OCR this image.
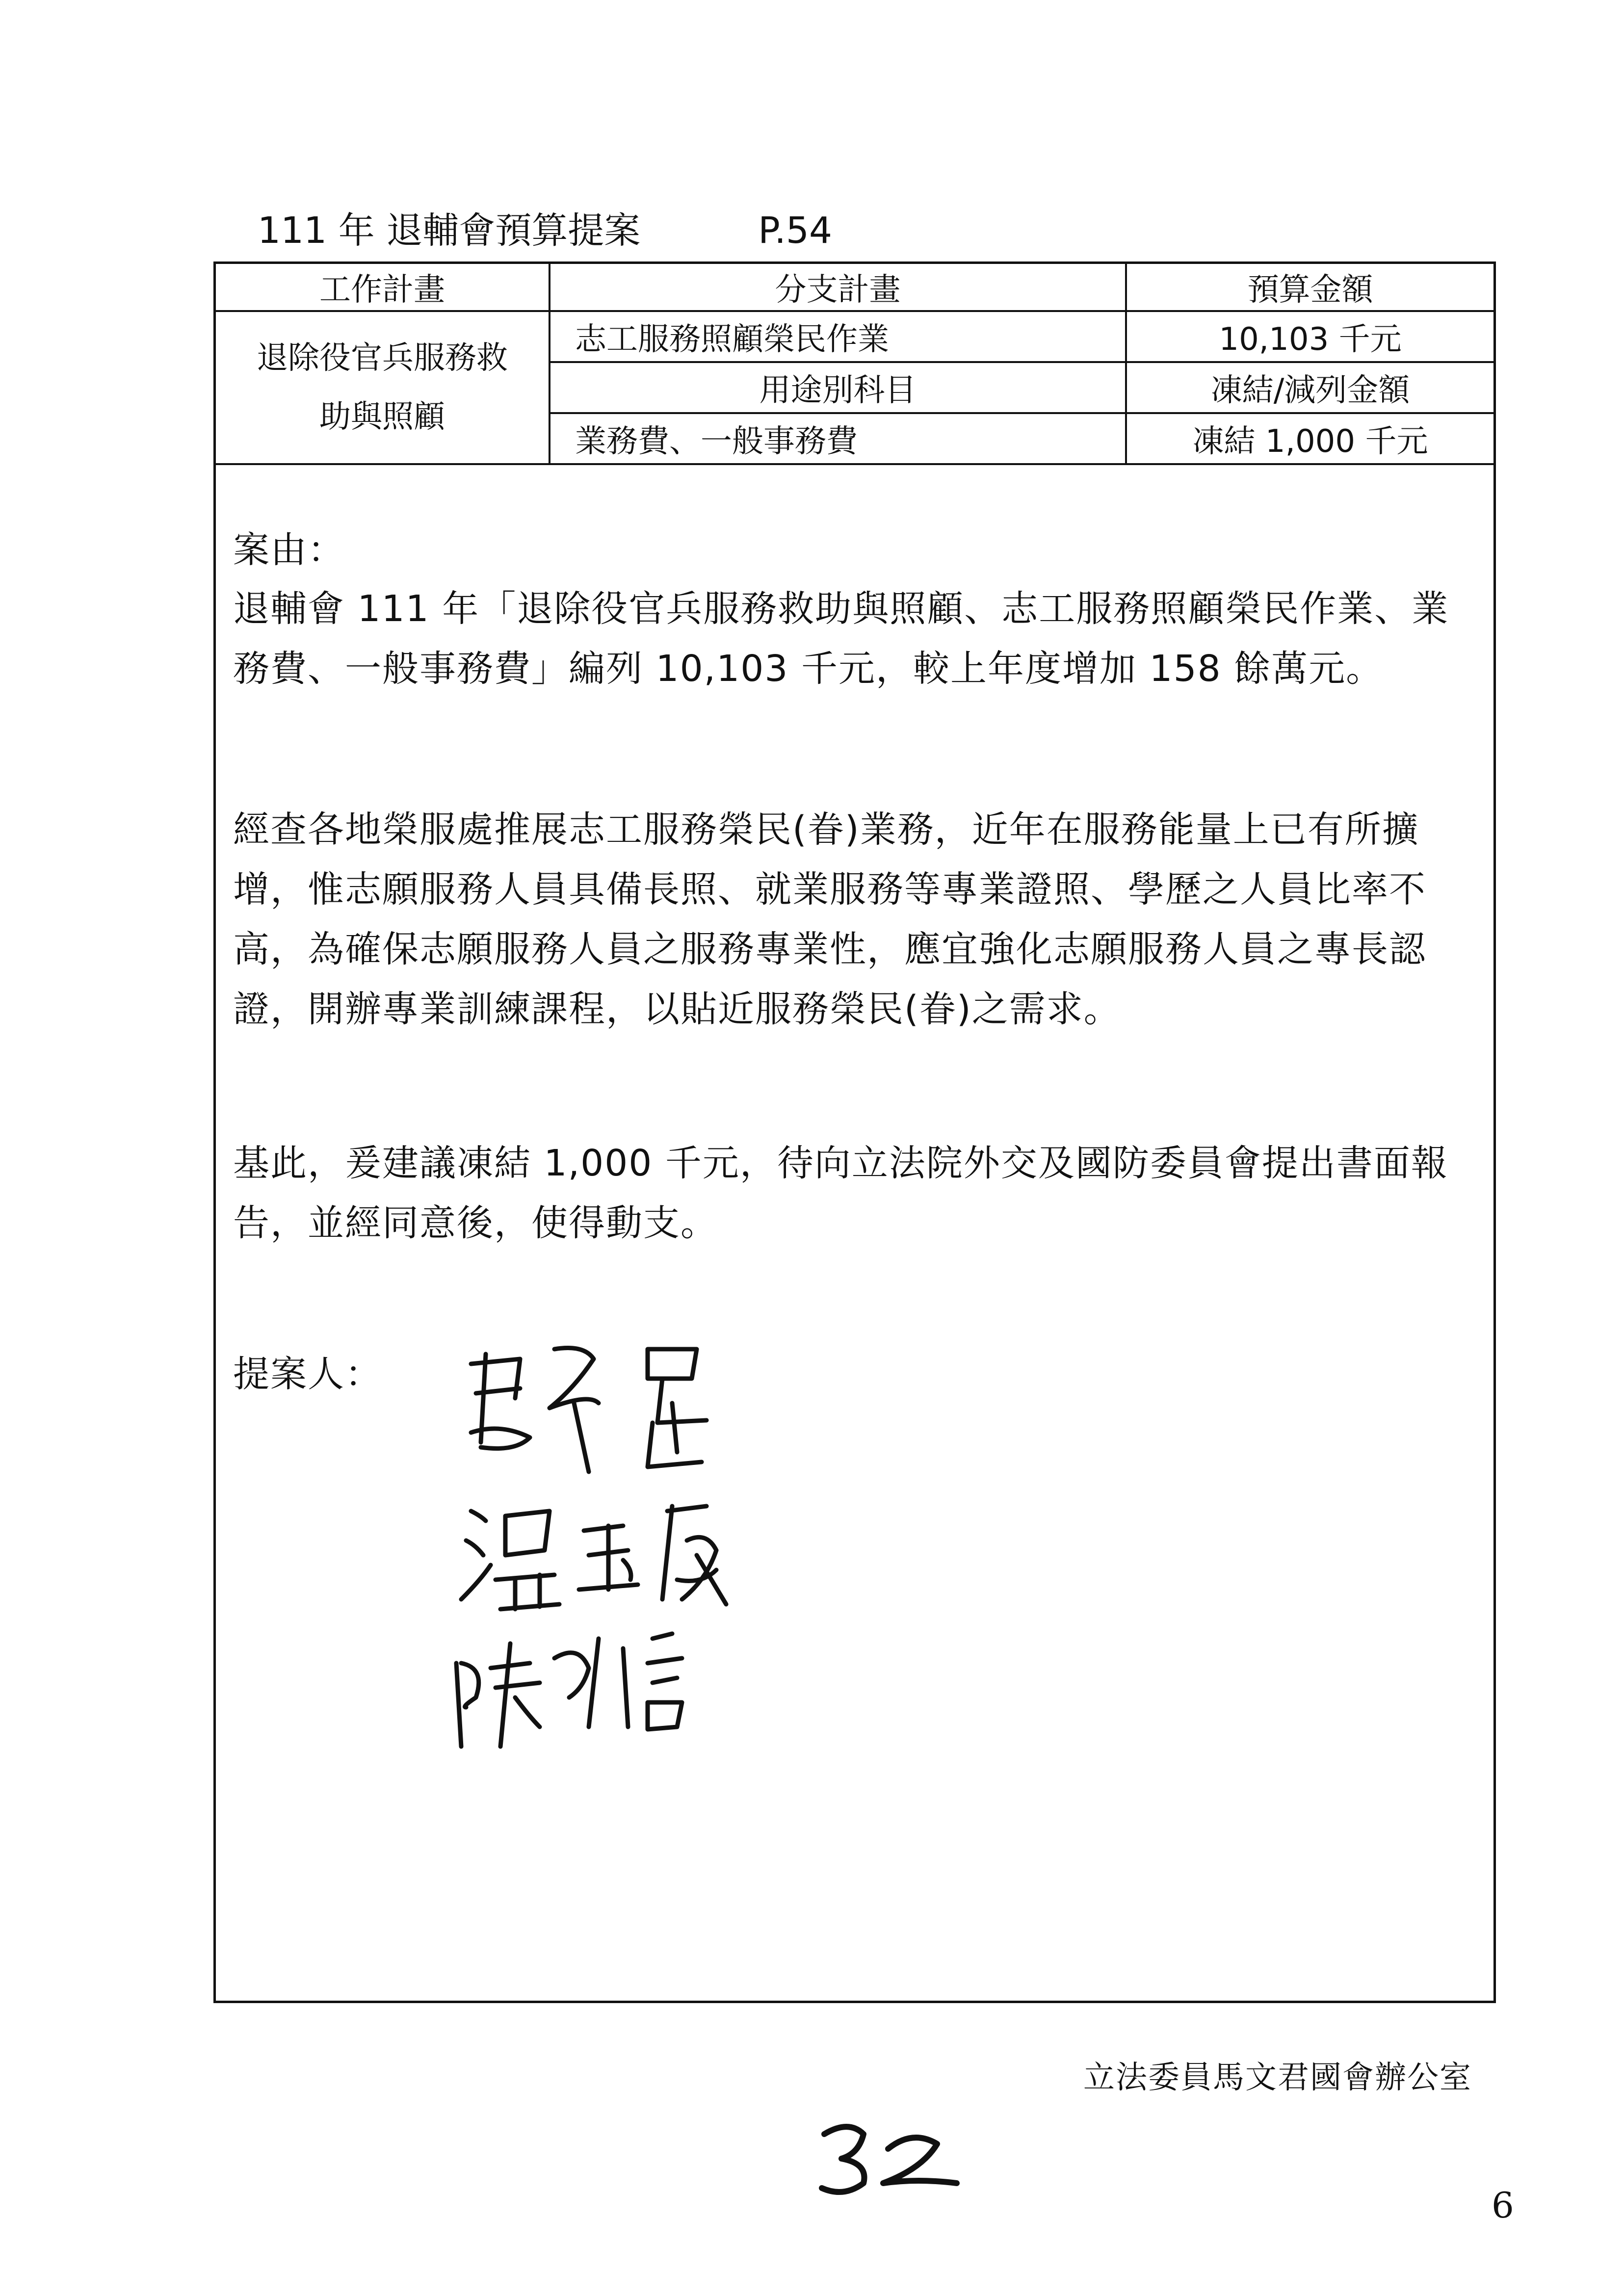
111 年 退輔會預算提案	P.54
工作計畫	分支計畫	預算金額

退除役官兵服務救助與照顧	志工服務照顧榮民作業	10,103 千元
	用途別科目	凍結/減列金額
	業務費、一般事務費	凍結 1,000 千元
案由：
退輔會 111 年「退除役官兵服務救助與照顧、志工服務照顧榮民作業、業務費、一般事務費」編列 10,103 千元，較上年度增加 158 餘萬元。
經查各地榮服處推展志工服務榮民(眷)業務，近年在服務能量上已有所擴增，惟志願服務人員具備長照、就業服務等專業證照、學歷之人員比率不高，為確保志願服務人員之服務專業性，應宜強化志願服務人員之專長認證，開辦專業訓練課程，以貼近服務榮民(眷)之需求。
基此，爰建議凍結 1,000 千元，待向立法院外交及國防委員會提出書面報告，並經同意後，使得動支。
提案人：
立法委員馬文君國會辦公室
6
